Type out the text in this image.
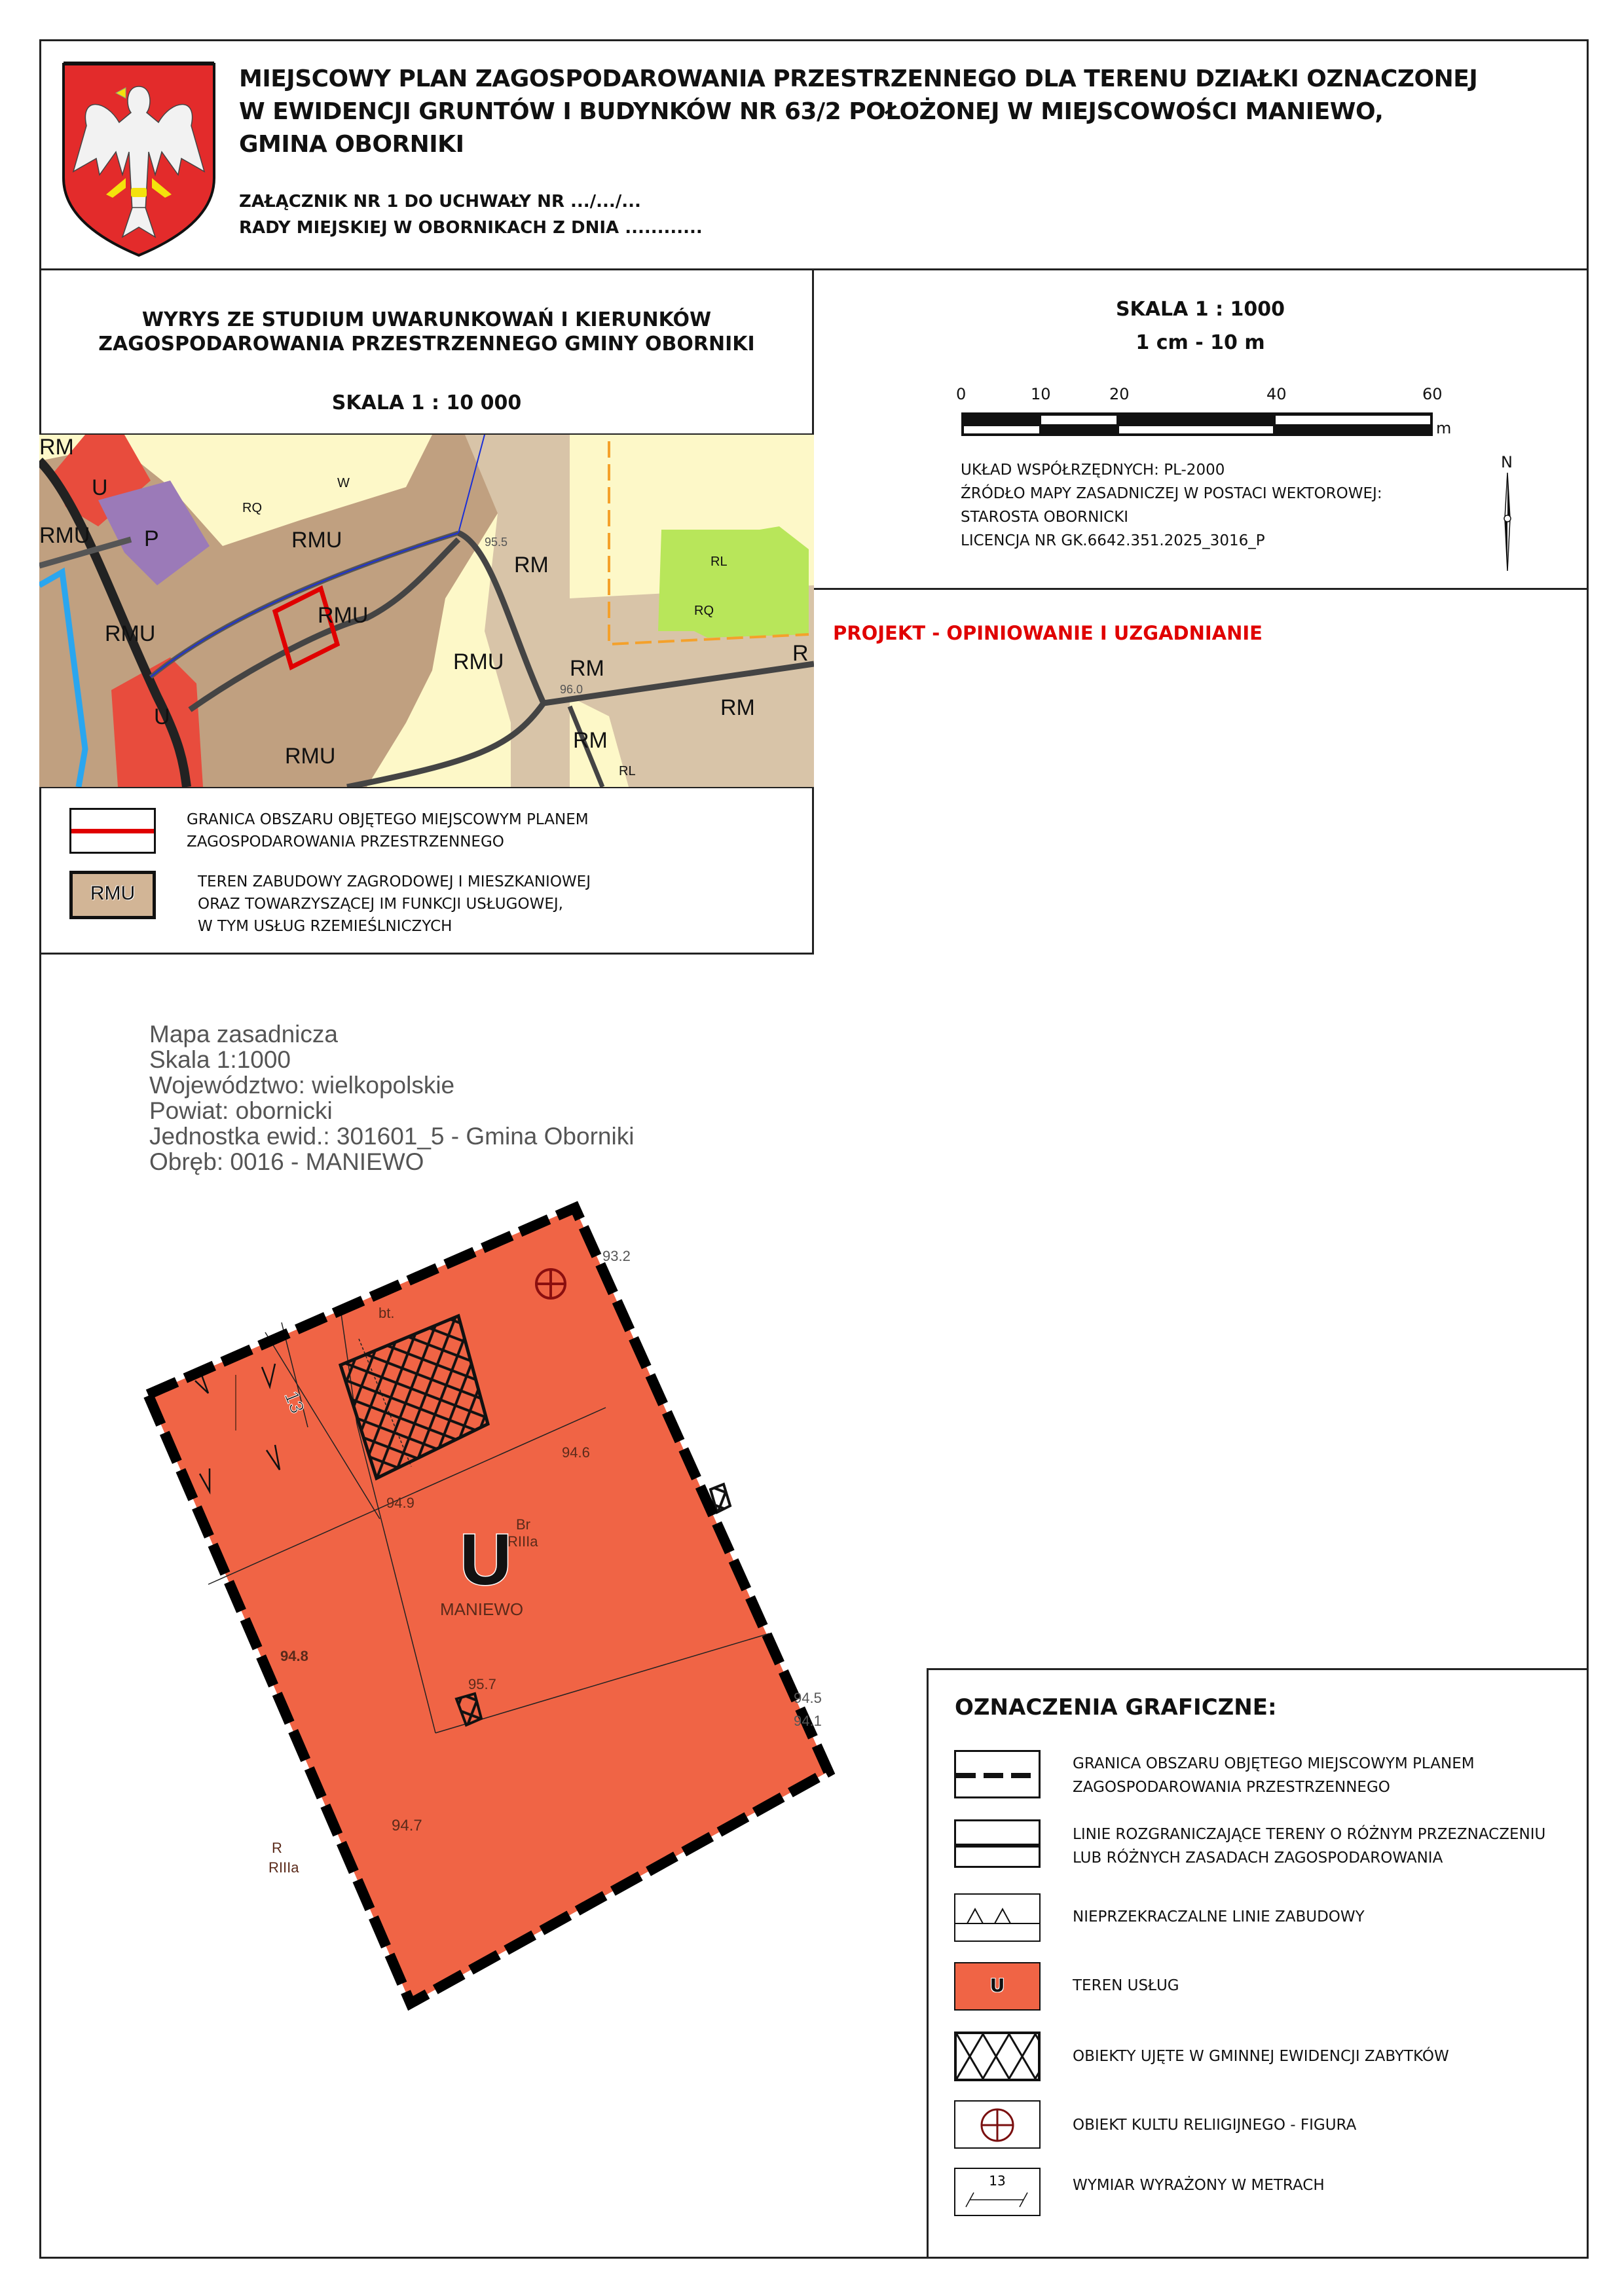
MIEJSCOWY PLAN ZAGOSPODAROWANIA PRZESTRZENNEGO DLA TERENU DZIAŁKI OZNACZONEJ
W EWIDENCJI GRUNTÓW I BUDYNKÓW NR 63/2 POŁOŻONEJ W MIEJSCOWOŚCI MANIEWO,
GMINA OBORNIKI
ZAŁĄCZNIK NR 1 DO UCHWAŁY NR .../.../...
RADY MIEJSKIEJ W OBORNIKACH Z DNIA ............
WYRYS ZE STUDIUM UWARUNKOWAŃ I KIERUNKÓW
ZAGOSPODAROWANIA PRZESTRZENNEGO GMINY OBORNIKI
SKALA 1 : 10 000
RM
U
RMU P	RMU
RMU
RMU
RM
RMU	RM
RM
RM
U
RMU
R
RQ
W
RL
RQ
RL
95.5
96.0
GRANICA OBSZARU OBJĘTEGO MIEJSCOWYM PLANEM
ZAGOSPODAROWANIA PRZESTRZENNEGO
RMU
TEREN ZABUDOWY ZAGRODOWEJ I MIESZKANIOWEJ
ORAZ TOWARZYSZĄCEJ IM FUNKCJI USŁUGOWEJ,
W TYM USŁUG RZEMIEŚLNICZYCH
SKALA 1 : 1000
1 cm - 10 m
0	10	20	40	60
m
UKŁAD WSPÓŁRZĘDNYCH: PL-2000
ŹRÓDŁO MAPY ZASADNICZEJ W POSTACI WEKTOROWEJ:
STAROSTA OBORNICKI
LICENCJA NR GK.6642.351.2025_3016_P
N
PROJEKT - OPINIOWANIE I UZGADNIANIE
Mapa zasadnicza
Skala 1:1000
Województwo: wielkopolskie
Powiat: obornicki
Jednostka ewid.: 301601_5 - Gmina Oborniki
Obręb: 0016 - MANIEWO
bt.
94.6
94.9
Br
RIIIa
MANIEWO
95.7
94.8
94.7
R
RIIIa
93.2
94.5
94.1
13
U
OZNACZENIA GRAFICZNE:
GRANICA OBSZARU OBJĘTEGO MIEJSCOWYM PLANEM
ZAGOSPODAROWANIA PRZESTRZENNEGO
LINIE ROZGRANICZAJĄCE TERENY O RÓŻNYM PRZEZNACZENIU
LUB RÓŻNYCH ZASADACH ZAGOSPODAROWANIA
NIEPRZEKRACZALNE LINIE ZABUDOWY
U	TEREN USŁUG
OBIEKTY UJĘTE W GMINNEJ EWIDENCJI ZABYTKÓW
OBIEKT KULTU RELIIGIJNEGO - FIGURA
13	WYMIAR WYRAŻONY W METRACH
